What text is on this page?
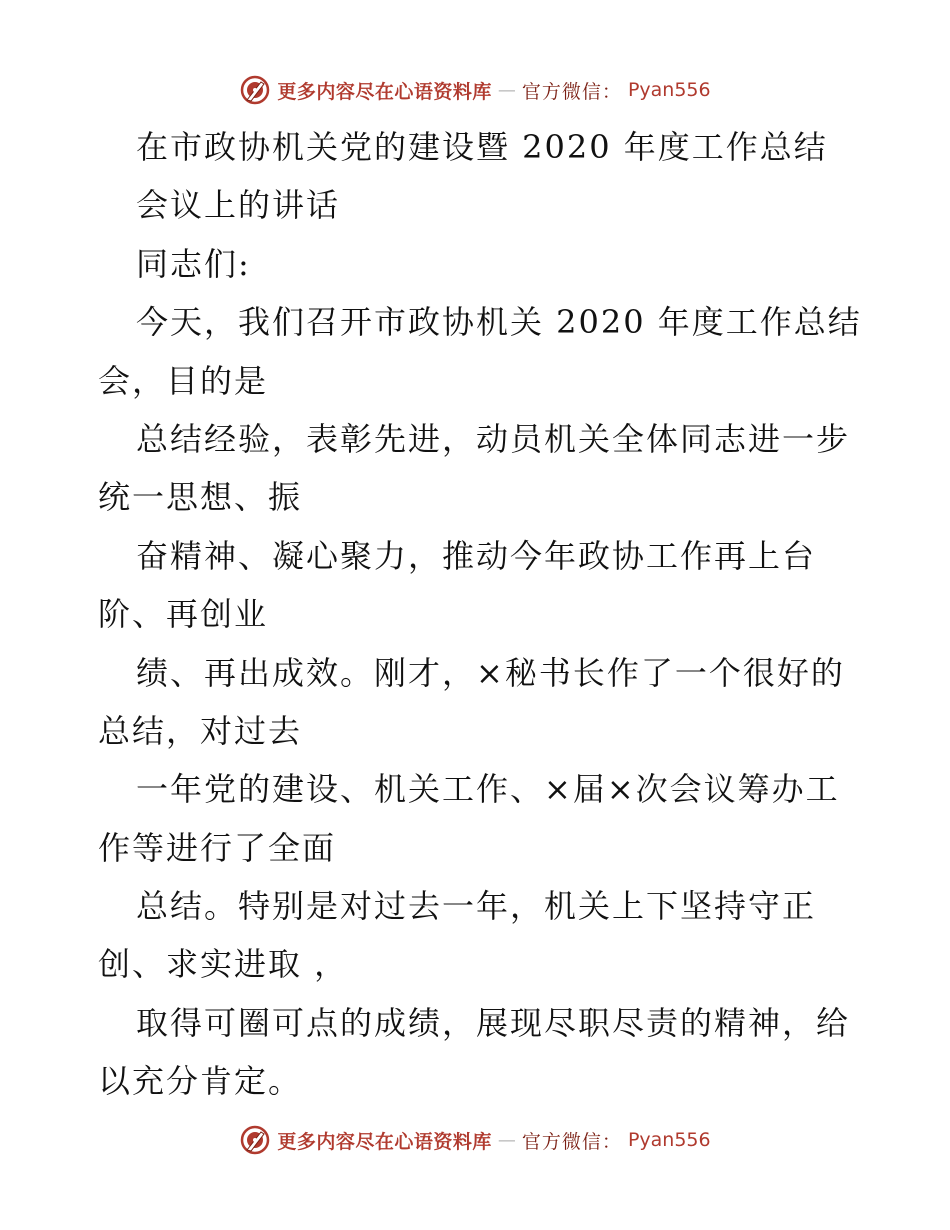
更多内容尽在心语资料库 — 官方微信： Pyan556
在市政协机关党的建设暨 2020 年度工作总结
会议上的讲话
同志们:
今天，我们召开市政协机关 2020 年度工作总结
会，目的是
总结经验，表彰先进，动员机关全体同志进一步
统一思想、振
奋精神、凝心聚力，推动今年政协工作再上台
阶、再创业
绩、再出成效。刚才，×秘书长作了一个很好的
总结，对过去
一年党的建设、机关工作、×届×次会议筹办工
作等进行了全面
总结。特别是对过去一年，机关上下坚持守正
创、求实进取 ，
取得可圈可点的成绩，展现尽职尽责的精神，给
以充分肯定。
更多内容尽在心语资料库 — 官方微信： Pyan556
